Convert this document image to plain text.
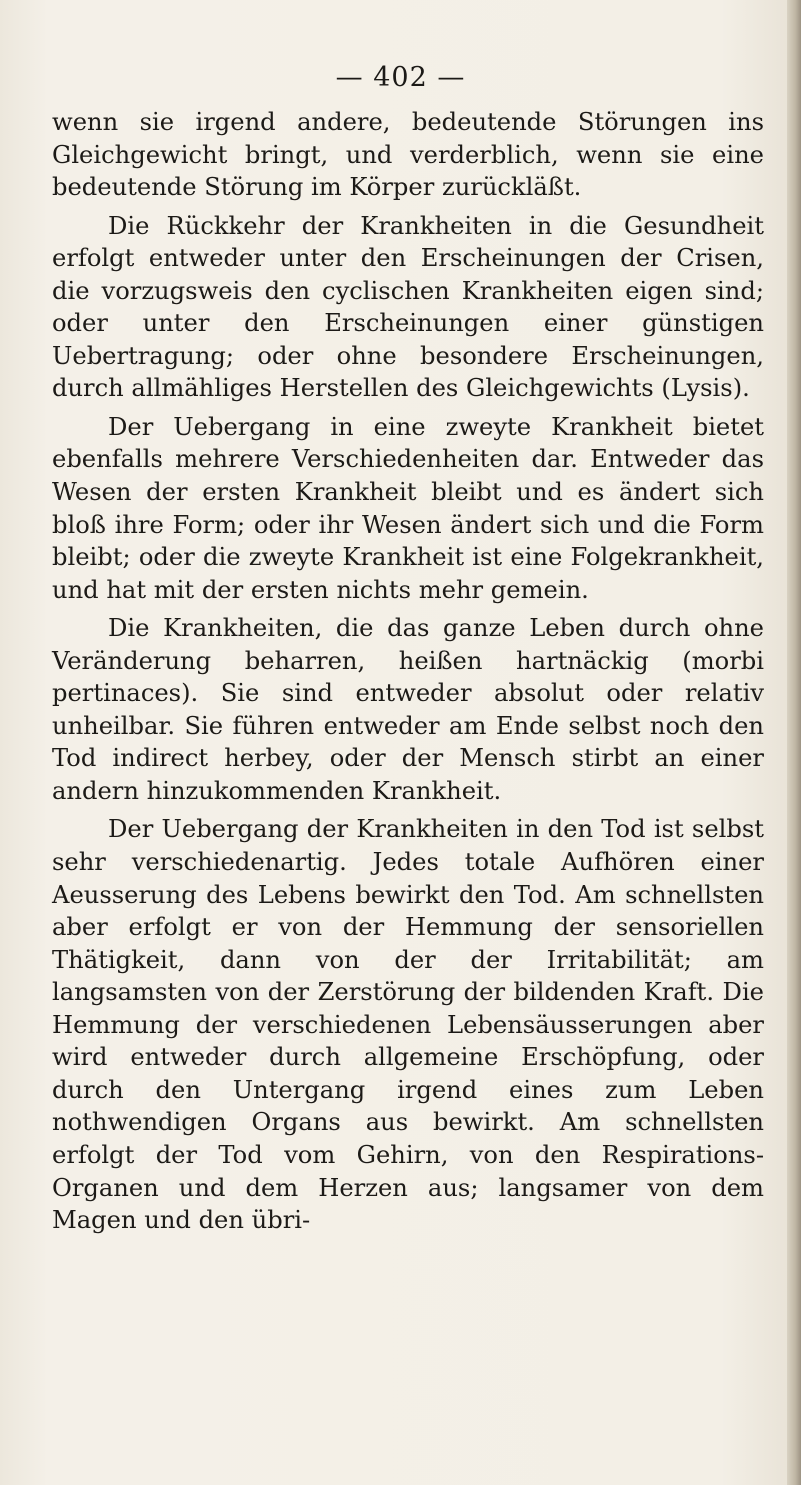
— 402 —

wenn sie irgend andere, bedeutende Störungen ins Gleichgewicht bringt, und verderblich, wenn sie eine bedeutende Störung im Körper zurückläßt.

Die Rückkehr der Krankheiten in die Gesundheit erfolgt entweder unter den Erscheinungen der Crisen, die vorzugsweis den cyclischen Krankheiten eigen sind; oder unter den Erscheinungen einer günstigen Uebertragung; oder ohne besondere Erscheinungen, durch allmähliges Herstellen des Gleichgewichts (Lysis).

Der Uebergang in eine zweyte Krankheit bietet ebenfalls mehrere Verschiedenheiten dar. Entweder das Wesen der ersten Krankheit bleibt und es ändert sich bloß ihre Form; oder ihr Wesen ändert sich und die Form bleibt; oder die zweyte Krankheit ist eine Folgekrankheit, und hat mit der ersten nichts mehr gemein.

Die Krankheiten, die das ganze Leben durch ohne Veränderung beharren, heißen hartnäckig (morbi pertinaces). Sie sind entweder absolut oder relativ unheilbar. Sie führen entweder am Ende selbst noch den Tod indirect herbey, oder der Mensch stirbt an einer andern hinzukommenden Krankheit.

Der Uebergang der Krankheiten in den Tod ist selbst sehr verschiedenartig. Jedes totale Aufhören einer Aeusserung des Lebens bewirkt den Tod. Am schnellsten aber erfolgt er von der Hemmung der sensoriellen Thätigkeit, dann von der der Irritabilität; am langsamsten von der Zerstörung der bildenden Kraft. Die Hemmung der verschiedenen Lebensäusserungen aber wird entweder durch allgemeine Erschöpfung, oder durch den Untergang irgend eines zum Leben nothwendigen Organs aus bewirkt. Am schnellsten erfolgt der Tod vom Gehirn, von den Respirations-Organen und dem Herzen aus; langsamer von dem Magen und den übri-
